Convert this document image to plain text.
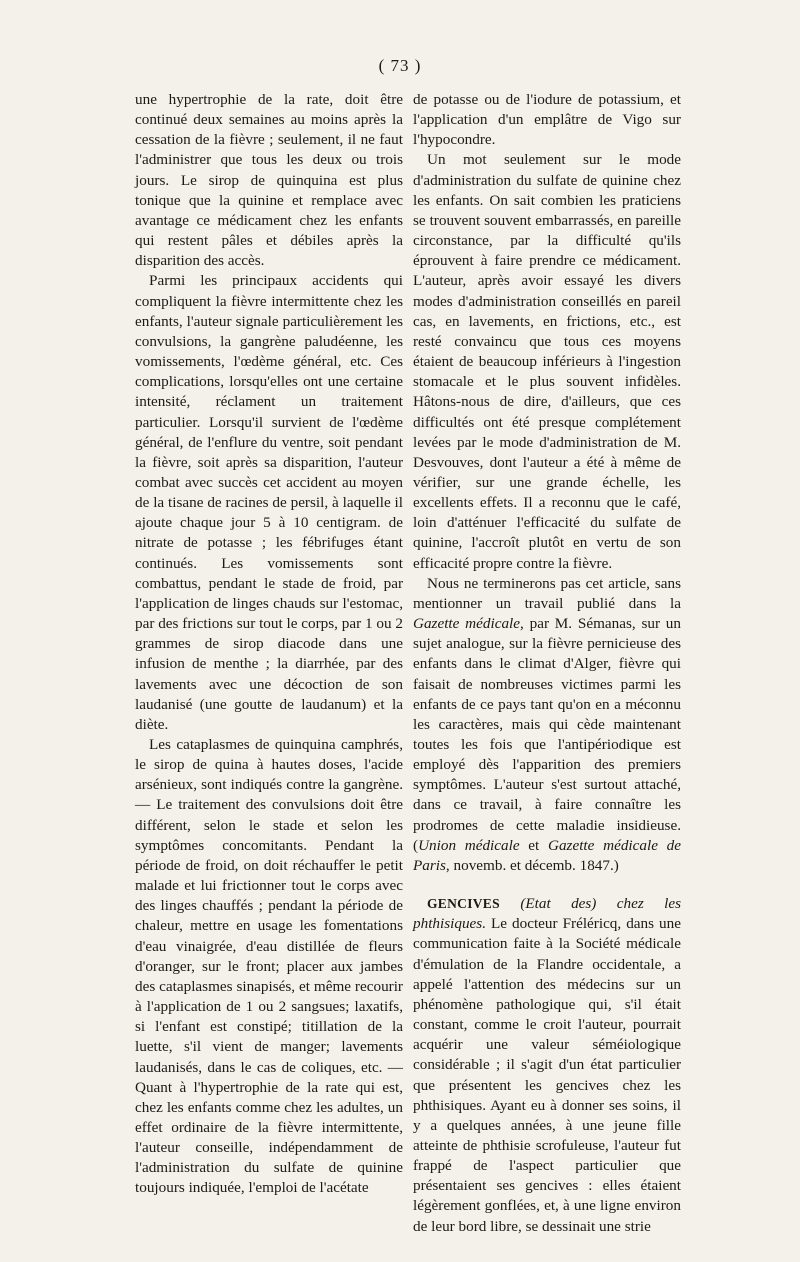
( 73 )

une hypertrophie de la rate, doit être continué deux semaines au moins après la cessation de la fièvre ; seulement, il ne faut l'administrer que tous les deux ou trois jours. Le sirop de quinquina est plus tonique que la quinine et remplace avec avantage ce médicament chez les enfants qui restent pâles et débiles après la disparition des accès.

Parmi les principaux accidents qui compliquent la fièvre intermittente chez les enfants, l'auteur signale particulièrement les convulsions, la gangrène paludéenne, les vomissements, l'œdème général, etc. Ces complications, lorsqu'elles ont une certaine intensité, réclament un traitement particulier. Lorsqu'il survient de l'œdème général, de l'enflure du ventre, soit pendant la fièvre, soit après sa disparition, l'auteur combat avec succès cet accident au moyen de la tisane de racines de persil, à laquelle il ajoute chaque jour 5 à 10 centigram. de nitrate de potasse ; les fébrifuges étant continués. Les vomissements sont combattus, pendant le stade de froid, par l'application de linges chauds sur l'estomac, par des frictions sur tout le corps, par 1 ou 2 grammes de sirop diacode dans une infusion de menthe ; la diarrhée, par des lavements avec une décoction de son laudanisé (une goutte de laudanum) et la diète.

Les cataplasmes de quinquina camphrés, le sirop de quina à hautes doses, l'acide arsénieux, sont indiqués contre la gangrène.— Le traitement des convulsions doit être différent, selon le stade et selon les symptômes concomitants. Pendant la période de froid, on doit réchauffer le petit malade et lui frictionner tout le corps avec des linges chauffés ; pendant la période de chaleur, mettre en usage les fomentations d'eau vinaigrée, d'eau distillée de fleurs d'oranger, sur le front; placer aux jambes des cataplasmes sinapisés, et même recourir à l'application de 1 ou 2 sangsues; laxatifs, si l'enfant est constipé; titillation de la luette, s'il vient de manger; lavements laudanisés, dans le cas de coliques, etc. —Quant à l'hypertrophie de la rate qui est, chez les enfants comme chez les adultes, un effet ordinaire de la fièvre intermittente, l'auteur conseille, indépendamment de l'administration du sulfate de quinine toujours indiquée, l'emploi de l'acétate

de potasse ou de l'iodure de potassium, et l'application d'un emplâtre de Vigo sur l'hypocondre.

Un mot seulement sur le mode d'administration du sulfate de quinine chez les enfants. On sait combien les praticiens se trouvent souvent embarrassés, en pareille circonstance, par la difficulté qu'ils éprouvent à faire prendre ce médicament. L'auteur, après avoir essayé les divers modes d'administration conseillés en pareil cas, en lavements, en frictions, etc., est resté convaincu que tous ces moyens étaient de beaucoup inférieurs à l'ingestion stomacale et le plus souvent infidèles. Hâtons-nous de dire, d'ailleurs, que ces difficultés ont été presque complétement levées par le mode d'administration de M. Desvouves, dont l'auteur a été à même de vérifier, sur une grande échelle, les excellents effets. Il a reconnu que le café, loin d'atténuer l'efficacité du sulfate de quinine, l'accroît plutôt en vertu de son efficacité propre contre la fièvre.

Nous ne terminerons pas cet article, sans mentionner un travail publié dans la Gazette médicale, par M. Sémanas, sur un sujet analogue, sur la fièvre pernicieuse des enfants dans le climat d'Alger, fièvre qui faisait de nombreuses victimes parmi les enfants de ce pays tant qu'on en a méconnu les caractères, mais qui cède maintenant toutes les fois que l'antipériodique est employé dès l'apparition des premiers symptômes. L'auteur s'est surtout attaché, dans ce travail, à faire connaître les prodromes de cette maladie insidieuse. (Union médicale et Gazette médicale de Paris, novemb. et décemb. 1847.)

GENCIVES (Etat des) chez les phthisiques. Le docteur Fréléricq, dans une communication faite à la Société médicale d'émulation de la Flandre occidentale, a appelé l'attention des médecins sur un phénomène pathologique qui, s'il était constant, comme le croit l'auteur, pourrait acquérir une valeur séméiologique considérable ; il s'agit d'un état particulier que présentent les gencives chez les phthisiques. Ayant eu à donner ses soins, il y a quelques années, à une jeune fille atteinte de phthisie scrofuleuse, l'auteur fut frappé de l'aspect particulier que présentaient ses gencives : elles étaient légèrement gonflées, et, à une ligne environ de leur bord libre, se dessinait une strie
